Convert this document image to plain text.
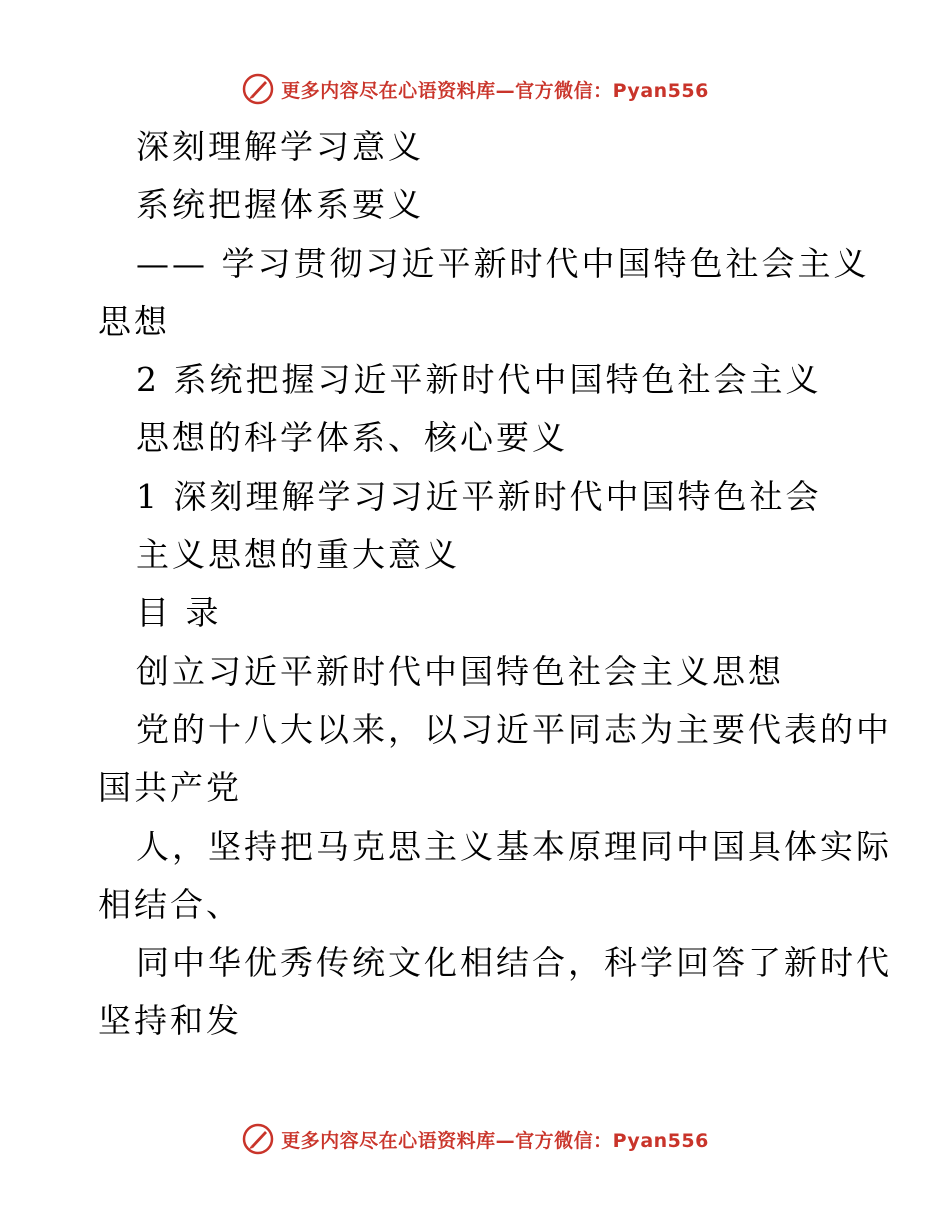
更多内容尽在心语资料库—官方微信：Pyan556

深刻理解学习意义

系统把握体系要义

—— 学习贯彻习近平新时代中国特色社会主义

思想

2 系统把握习近平新时代中国特色社会主义

思想的科学体系、核心要义

1 深刻理解学习习近平新时代中国特色社会

主义思想的重大意义

目 录

创立习近平新时代中国特色社会主义思想

党的十八大以来，以习近平同志为主要代表的中

国共产党

人，坚持把马克思主义基本原理同中国具体实际

相结合、

同中华优秀传统文化相结合，科学回答了新时代

坚持和发

更多内容尽在心语资料库—官方微信：Pyan556
